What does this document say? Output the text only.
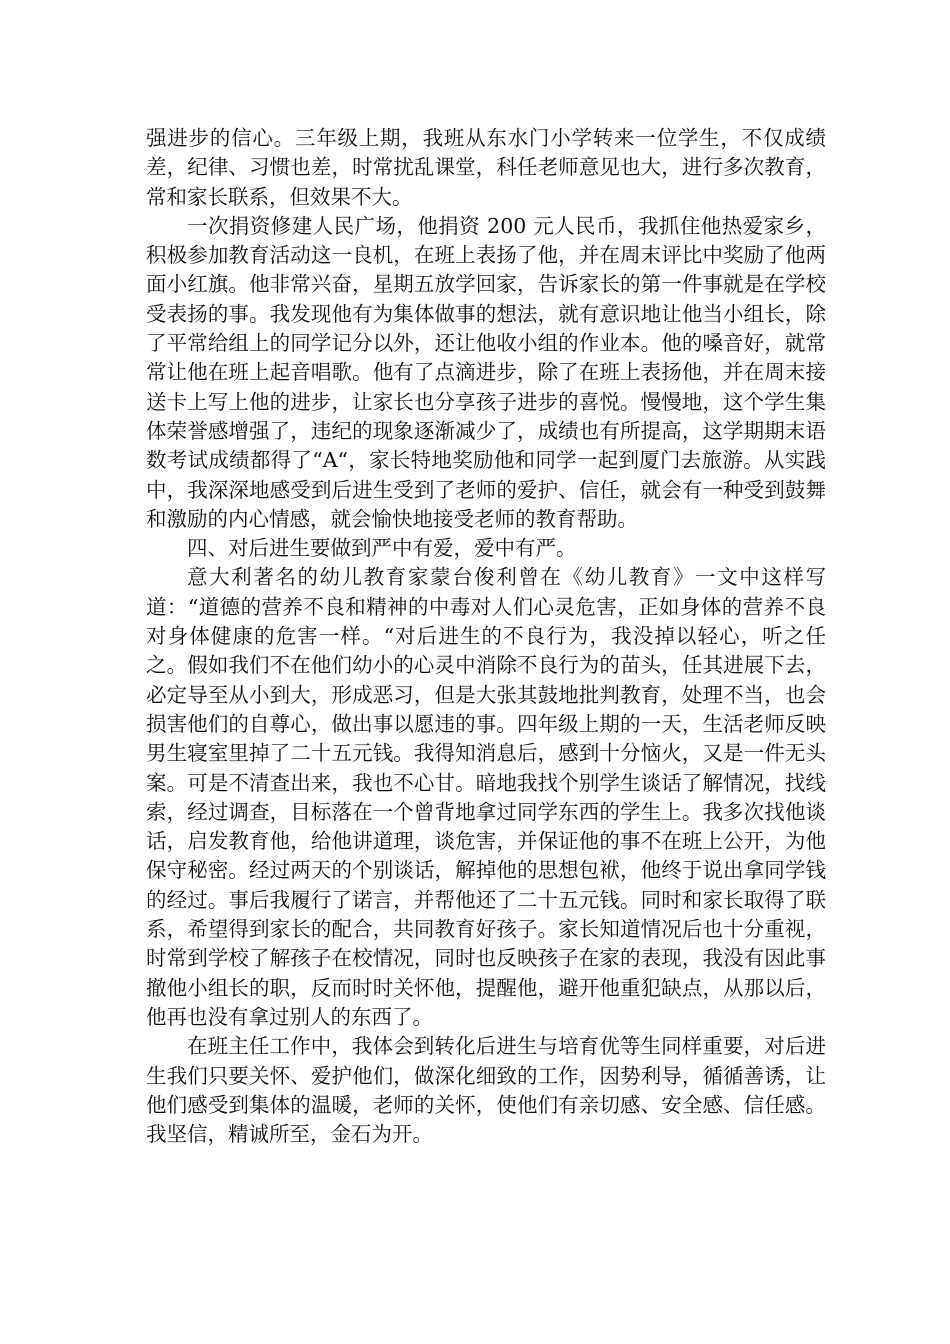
强进步的信心。三年级上期，我班从东水门小学转来一位学生，不仅成绩差，纪律、习惯也差，时常扰乱课堂，科任老师意见也大，进行多次教育，常和家长联系，但效果不大。

一次捐资修建人民广场，他捐资 200 元人民币，我抓住他热爱家乡，积极参加教育活动这一良机，在班上表扬了他，并在周末评比中奖励了他两面小红旗。他非常兴奋，星期五放学回家，告诉家长的第一件事就是在学校受表扬的事。我发现他有为集体做事的想法，就有意识地让他当小组长，除了平常给组上的同学记分以外，还让他收小组的作业本。他的嗓音好，就常常让他在班上起音唱歌。他有了点滴进步，除了在班上表扬他，并在周末接送卡上写上他的进步，让家长也分享孩子进步的喜悦。慢慢地，这个学生集体荣誉感增强了，违纪的现象逐渐减少了，成绩也有所提高，这学期期末语数考试成绩都得了“A“，家长特地奖励他和同学一起到厦门去旅游。从实践中，我深深地感受到后进生受到了老师的爱护、信任，就会有一种受到鼓舞和激励的内心情感，就会愉快地接受老师的教育帮助。

四、对后进生要做到严中有爱，爱中有严。

意大利著名的幼儿教育家蒙台俊利曾在《幼儿教育》一文中这样写道：“道德的营养不良和精神的中毒对人们心灵危害，正如身体的营养不良对身体健康的危害一样。“对后进生的不良行为，我没掉以轻心，听之任之。假如我们不在他们幼小的心灵中消除不良行为的苗头，任其进展下去，必定导至从小到大，形成恶习，但是大张其鼓地批判教育，处理不当，也会损害他们的自尊心，做出事以愿违的事。四年级上期的一天，生活老师反映男生寝室里掉了二十五元钱。我得知消息后，感到十分恼火，又是一件无头案。可是不清查出来，我也不心甘。暗地我找个别学生谈话了解情况，找线索，经过调查，目标落在一个曾背地拿过同学东西的学生上。我多次找他谈话，启发教育他，给他讲道理，谈危害，并保证他的事不在班上公开，为他保守秘密。经过两天的个别谈话，解掉他的思想包袱，他终于说出拿同学钱的经过。事后我履行了诺言，并帮他还了二十五元钱。同时和家长取得了联系，希望得到家长的配合，共同教育好孩子。家长知道情况后也十分重视，时常到学校了解孩子在校情况，同时也反映孩子在家的表现，我没有因此事撤他小组长的职，反而时时关怀他，提醒他，避开他重犯缺点，从那以后，他再也没有拿过别人的东西了。

在班主任工作中，我体会到转化后进生与培育优等生同样重要，对后进生我们只要关怀、爱护他们，做深化细致的工作，因势利导，循循善诱，让他们感受到集体的温暖，老师的关怀，使他们有亲切感、安全感、信任感。我坚信，精诚所至，金石为开。
